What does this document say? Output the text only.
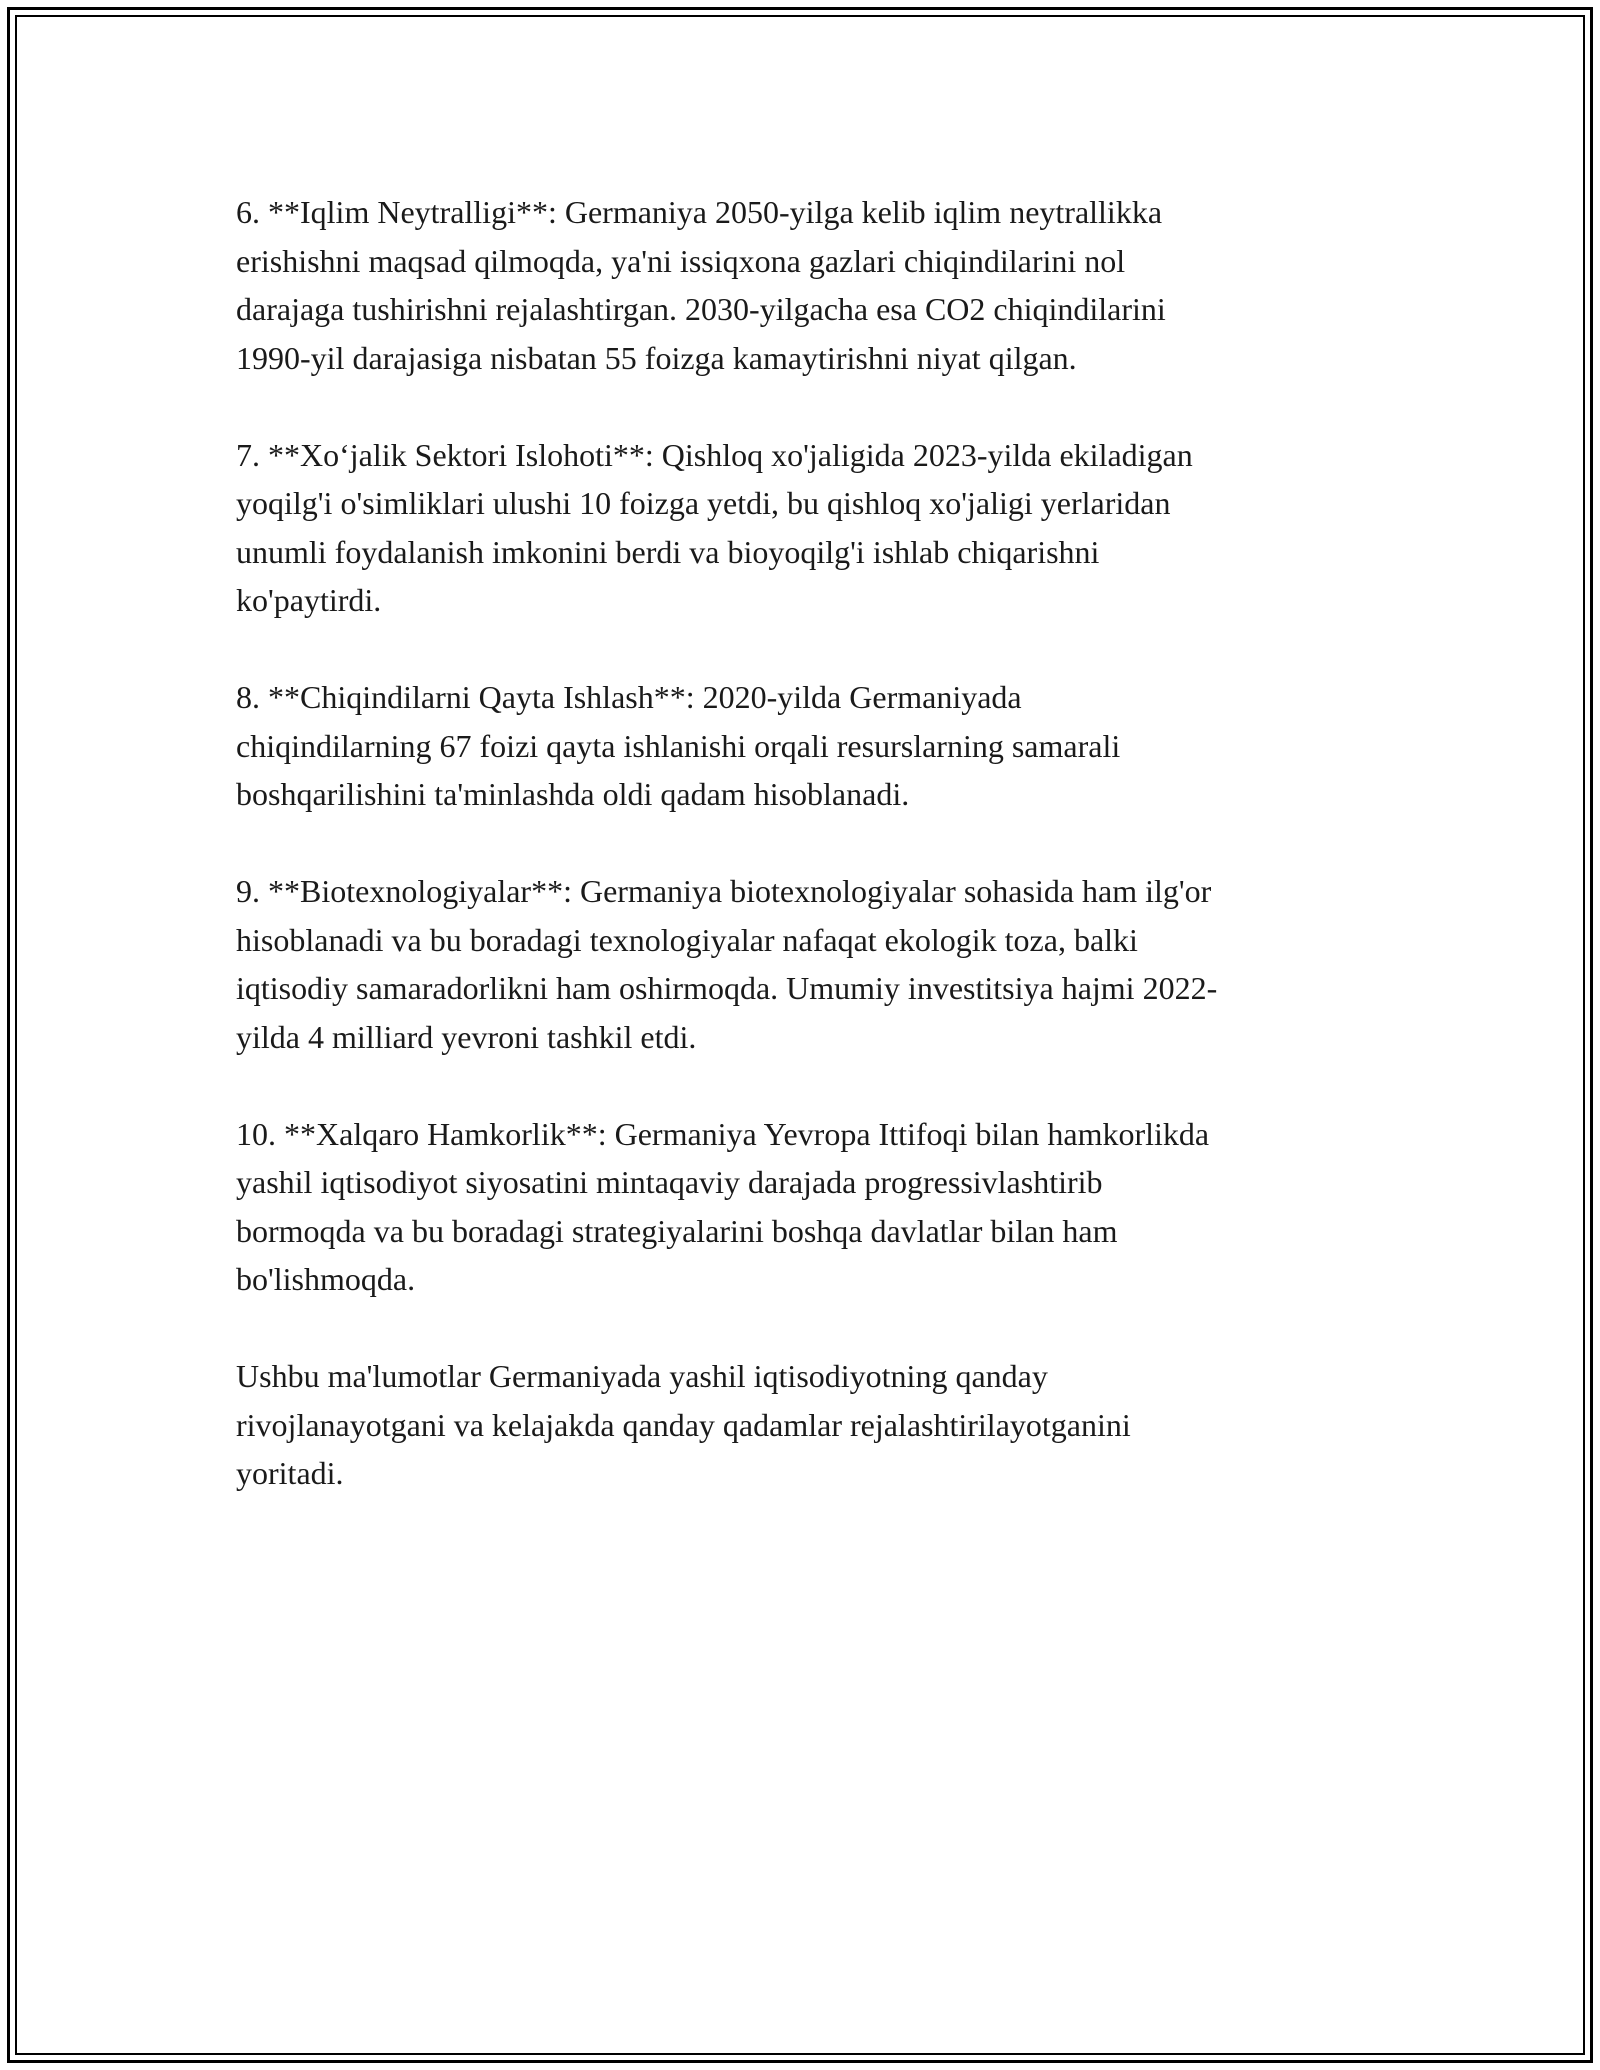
6. **Iqlim Neytralligi**: Germaniya 2050-yilga kelib iqlim neytrallikka
erishishni maqsad qilmoqda, ya'ni issiqxona gazlari chiqindilarini nol
darajaga tushirishni rejalashtirgan. 2030-yilgacha esa CO2 chiqindilarini
1990-yil darajasiga nisbatan 55 foizga kamaytirishni niyat qilgan.

7. **Xo‘jalik Sektori Islohoti**: Qishloq xo'jaligida 2023-yilda ekiladigan
yoqilg'i o'simliklari ulushi 10 foizga yetdi, bu qishloq xo'jaligi yerlaridan
unumli foydalanish imkonini berdi va bioyoqilg'i ishlab chiqarishni
ko'paytirdi.

8. **Chiqindilarni Qayta Ishlash**: 2020-yilda Germaniyada
chiqindilarning 67 foizi qayta ishlanishi orqali resurslarning samarali
boshqarilishini ta'minlashda oldi qadam hisoblanadi.

9. **Biotexnologiyalar**: Germaniya biotexnologiyalar sohasida ham ilg'or
hisoblanadi va bu boradagi texnologiyalar nafaqat ekologik toza, balki
iqtisodiy samaradorlikni ham oshirmoqda. Umumiy investitsiya hajmi 2022-
yilda 4 milliard yevroni tashkil etdi.

10. **Xalqaro Hamkorlik**: Germaniya Yevropa Ittifoqi bilan hamkorlikda
yashil iqtisodiyot siyosatini mintaqaviy darajada progressivlashtirib
bormoqda va bu boradagi strategiyalarini boshqa davlatlar bilan ham
bo'lishmoqda.

Ushbu ma'lumotlar Germaniyada yashil iqtisodiyotning qanday
rivojlanayotgani va kelajakda qanday qadamlar rejalashtirilayotganini
yoritadi.
